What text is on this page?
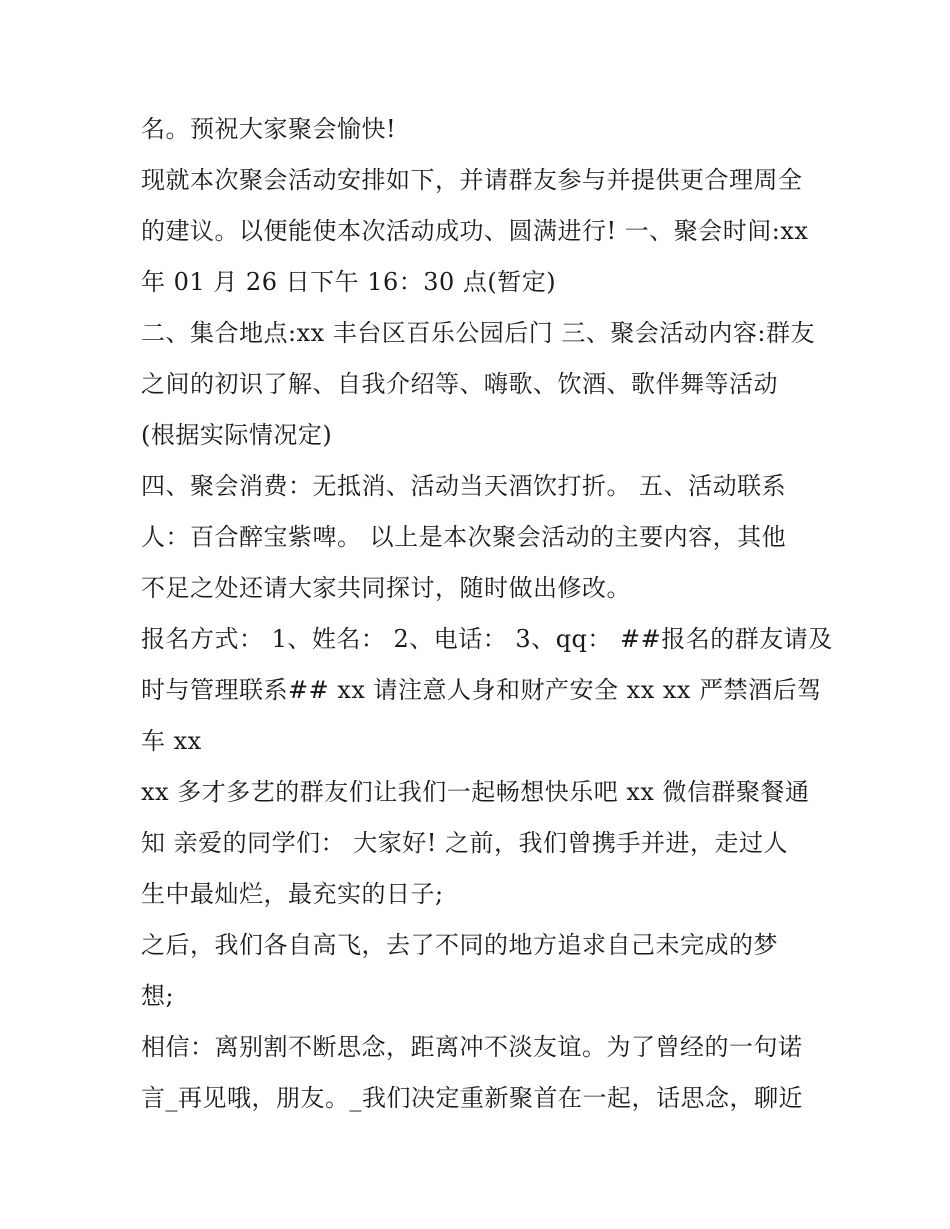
名。预祝大家聚会愉快!
现就本次聚会活动安排如下，并请群友参与并提供更合理周全
的建议。以便能使本次活动成功、圆满进行! 一、聚会时间:xx
年 01 月 26 日下午 16：30 点(暂定)
二、集合地点:xx 丰台区百乐公园后门 三、聚会活动内容:群友
之间的初识了解、自我介绍等、嗨歌、饮酒、歌伴舞等活动
(根据实际情况定)
四、聚会消费：无抵消、活动当天酒饮打折。 五、活动联系
人：百合醉宝紫啤。 以上是本次聚会活动的主要内容，其他
不足之处还请大家共同探讨，随时做出修改。
报名方式： 1、姓名： 2、电话： 3、qq： ##报名的群友请及
时与管理联系## xx 请注意人身和财产安全 xx xx 严禁酒后驾
车 xx
xx 多才多艺的群友们让我们一起畅想快乐吧 xx 微信群聚餐通
知 亲爱的同学们： 大家好! 之前，我们曾携手并进，走过人
生中最灿烂，最充实的日子;
之后，我们各自高飞，去了不同的地方追求自己未完成的梦
想;
相信：离别割不断思念，距离冲不淡友谊。为了曾经的一句诺
言_再见哦，朋友。_我们决定重新聚首在一起，话思念，聊近
